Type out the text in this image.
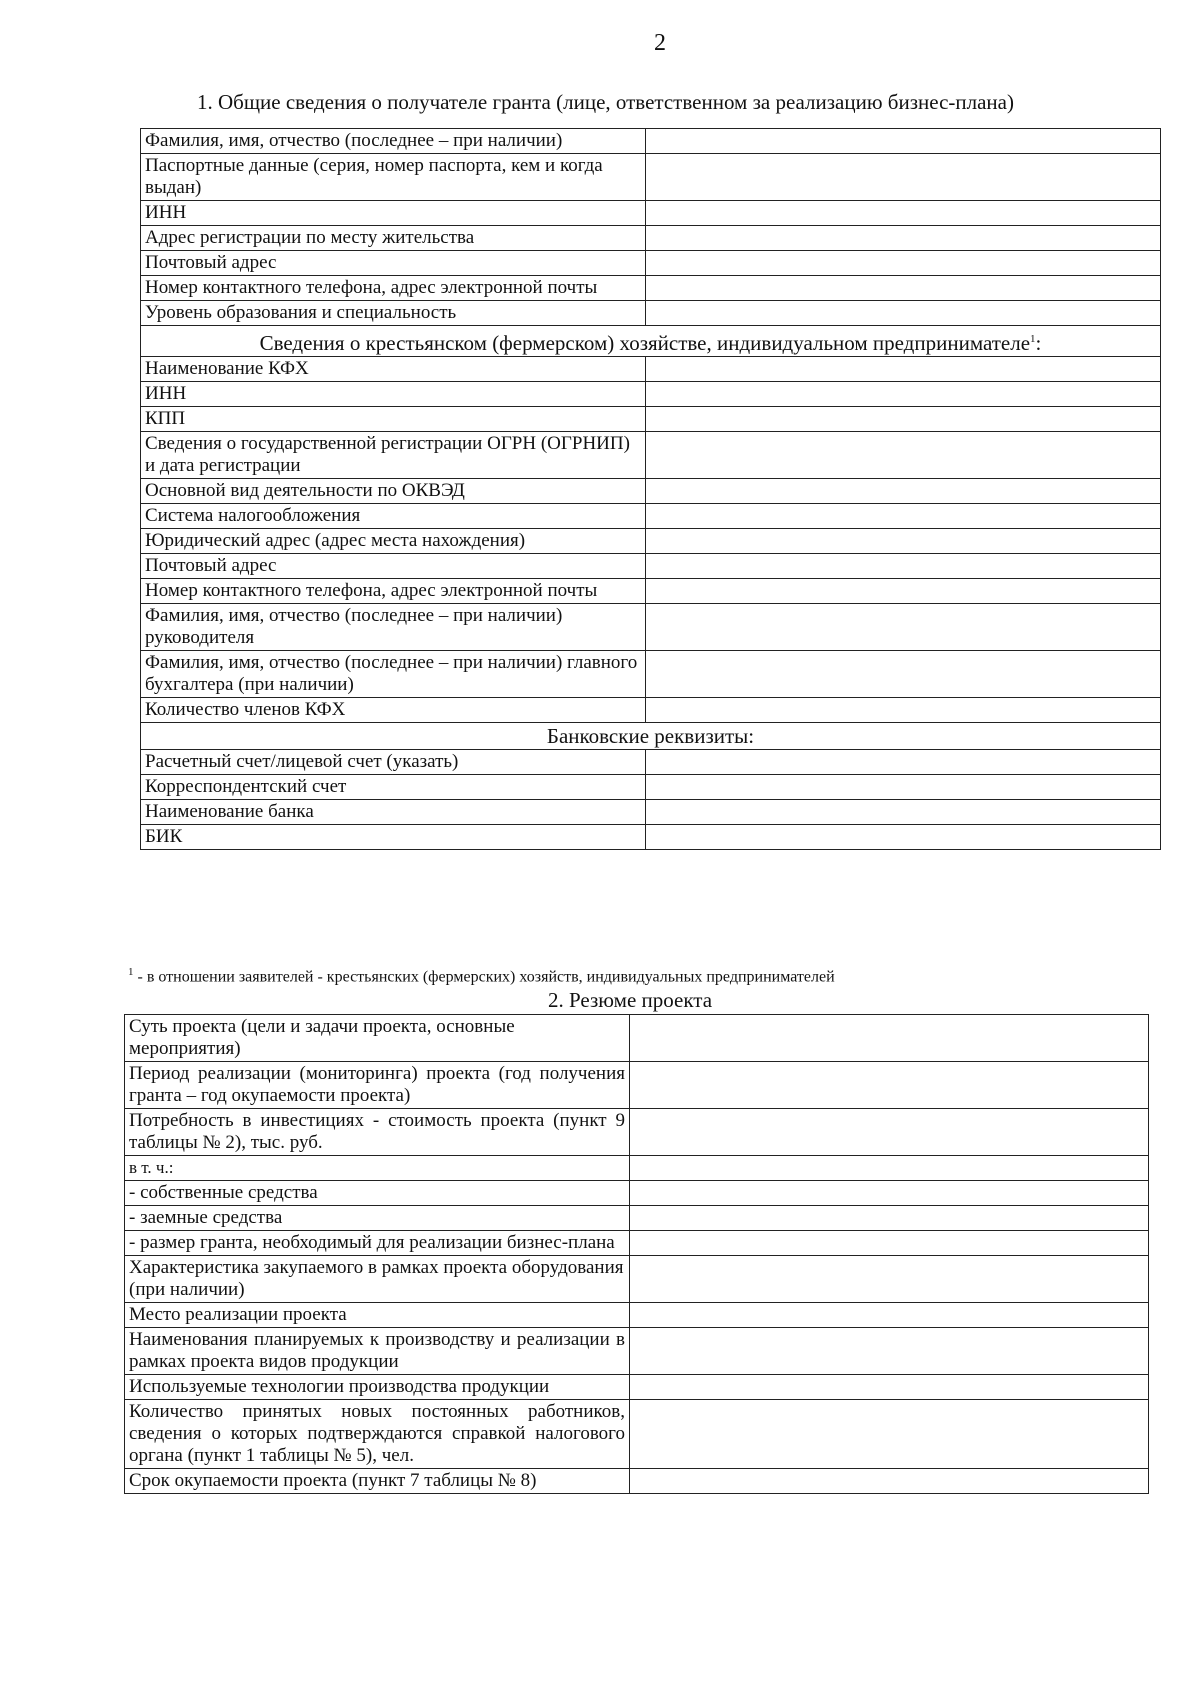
2
1. Общие сведения о получателе гранта (лице, ответственном за реализацию бизнес-плана)
Фамилия, имя, отчество (последнее – при наличии)	
Паспортные данные (серия, номер паспорта, кем и когда выдан)	
ИНН	
Адрес регистрации по месту жительства	
Почтовый адрес	
Номер контактного телефона, адрес электронной почты	
Уровень образования и специальность	
Сведения о крестьянском (фермерском) хозяйстве, индивидуальном предпринимателе$^1$:	
Наименование КФХ	
ИНН	
КПП	
Сведения о государственной регистрации ОГРН (ОГРНИП) и дата регистрации	
Основной вид деятельности по ОКВЭД	
Система налогообложения	
Юридический адрес (адрес места нахождения)	
Почтовый адрес	
Номер контактного телефона, адрес электронной почты	
Фамилия, имя, отчество (последнее – при наличии) руководителя	
Фамилия, имя, отчество (последнее – при наличии) главного бухгалтера (при наличии)	
Количество членов КФХ	
Банковские реквизиты:	
Расчетный счет/лицевой счет (указать)	
Корреспондентский счет	
Наименование банка	
БИК	
$^1$ - в отношении заявителей - крестьянских (фермерских) хозяйств, индивидуальных предпринимателей
2. Резюме проекта
Суть проекта (цели и задачи проекта, основные мероприятия)	
Период реализации (мониторинга) проекта (год получения гранта – год окупаемости проекта)	
Потребность в инвестициях - стоимость проекта (пункт 9 таблицы № 2), тыс. руб.	
в т. ч.:	
- собственные средства	
- заемные средства	
- размер гранта, необходимый для реализации бизнес-плана	
Характеристика закупаемого в рамках проекта оборудования (при наличии)	
Место реализации проекта	
Наименования планируемых к производству и реализации в рамках проекта видов продукции	
Используемые технологии производства продукции	
Количество принятых новых постоянных работников, сведения о которых подтверждаются справкой налогового органа (пункт 1 таблицы № 5), чел.	
Срок окупаемости проекта (пункт 7 таблицы № 8)	
